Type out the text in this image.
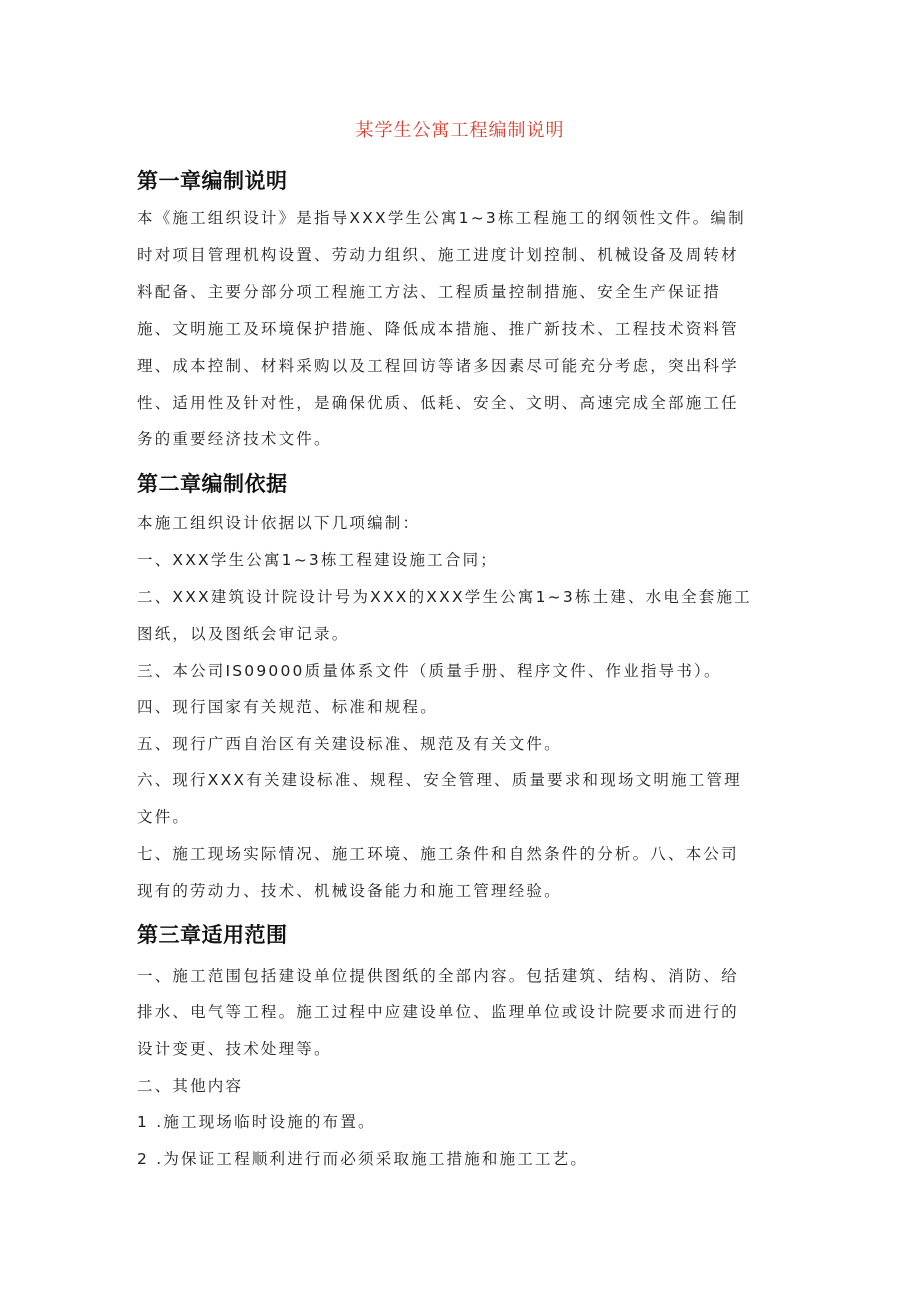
某学生公寓工程编制说明
第一章编制说明
本《施工组织设计》是指导XXX学生公寓1~3栋工程施工的纲领性文件。编制
时对项目管理机构设置、劳动力组织、施工进度计划控制、机械设备及周转材
料配备、主要分部分项工程施工方法、工程质量控制措施、安全生产保证措
施、文明施工及环境保护措施、降低成本措施、推广新技术、工程技术资料管
理、成本控制、材料采购以及工程回访等诸多因素尽可能充分考虑，突出科学
性、适用性及针对性，是确保优质、低耗、安全、文明、高速完成全部施工任
务的重要经济技术文件。
第二章编制依据
本施工组织设计依据以下几项编制：
一、XXX学生公寓1~3栋工程建设施工合同；
二、XXX建筑设计院设计号为XXX的XXX学生公寓1~3栋土建、水电全套施工
图纸，以及图纸会审记录。
三、本公司IS09000质量体系文件（质量手册、程序文件、作业指导书）。
四、现行国家有关规范、标准和规程。
五、现行广西自治区有关建设标准、规范及有关文件。
六、现行XXX有关建设标准、规程、安全管理、质量要求和现场文明施工管理
文件。
七、施工现场实际情况、施工环境、施工条件和自然条件的分析。八、本公司
现有的劳动力、技术、机械设备能力和施工管理经验。
第三章适用范围
一、施工范围包括建设单位提供图纸的全部内容。包括建筑、结构、消防、给
排水、电气等工程。施工过程中应建设单位、监理单位或设计院要求而进行的
设计变更、技术处理等。
二、其他内容
1 .施工现场临时设施的布置。
2 .为保证工程顺利进行而必须采取施工措施和施工工艺。
